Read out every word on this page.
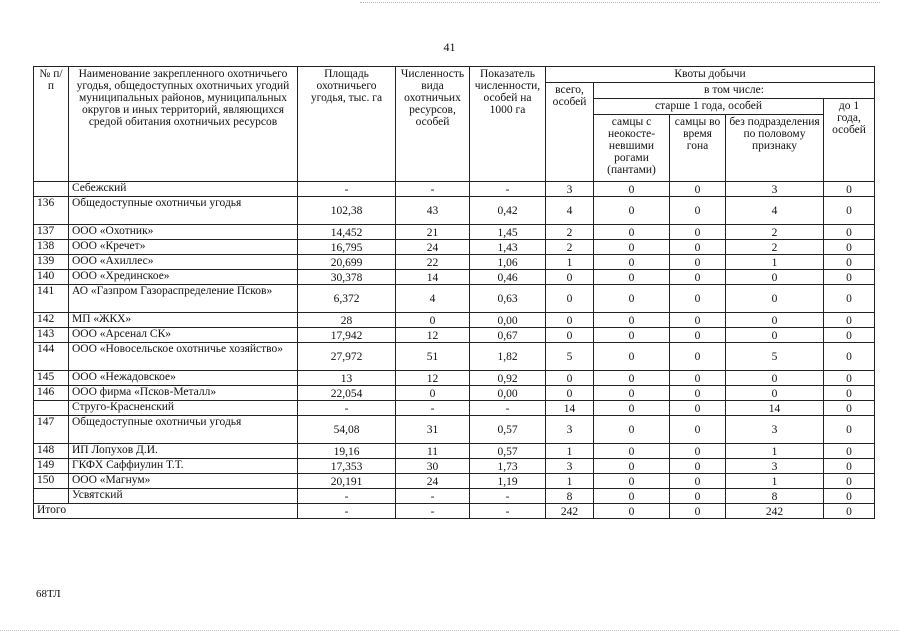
41
№ п/п	Наименование закрепленного охотничьего угодья, общедоступных охотничьих угодий муниципальных районов, муниципальных округов и иных территорий, являющихся средой обитания охотничьих ресурсов	Площадь охотничьего угодья, тыс. га	Численность вида охотничьих ресурсов, особей	Показатель численности, особей на 1000 га	Квоты добычи				
					всего, особей	в том числе:			
						старше 1 года, особей			до 1 года, особей
						самцы с неокосте-невшими рогами (пантами)	самцы во время гона	без подразделения по половому признаку	
	Себежский	-	-	-	3	0	0	3	0
136	Общедоступные охотничьи угодья	102,38	43	0,42	4	0	0	4	0
137	ООО «Охотник»	14,452	21	1,45	2	0	0	2	0
138	ООО «Кречет»	16,795	24	1,43	2	0	0	2	0
139	ООО «Ахиллес»	20,699	22	1,06	1	0	0	1	0
140	ООО «Хрединское»	30,378	14	0,46	0	0	0	0	0
141	АО «Газпром Газораспределение Псков»	6,372	4	0,63	0	0	0	0	0
142	МП «ЖКХ»	28	0	0,00	0	0	0	0	0
143	ООО «Арсенал СК»	17,942	12	0,67	0	0	0	0	0
144	ООО «Новосельское охотничье хозяйство»	27,972	51	1,82	5	0	0	5	0
145	ООО «Нежадовское»	13	12	0,92	0	0	0	0	0
146	ООО фирма «Псков-Металл»	22,054	0	0,00	0	0	0	0	0
	Струго-Красненский	-	-	-	14	0	0	14	0
147	Общедоступные охотничьи угодья	54,08	31	0,57	3	0	0	3	0
148	ИП Лопухов Д.И.	19,16	11	0,57	1	0	0	1	0
149	ГКФХ Саффиулин Т.Т.	17,353	30	1,73	3	0	0	3	0
150	ООО «Магнум»	20,191	24	1,19	1	0	0	1	0
	Усвятский	-	-	-	8	0	0	8	0
Итого		-	-	-	242	0	0	242	0
68ТЛ
